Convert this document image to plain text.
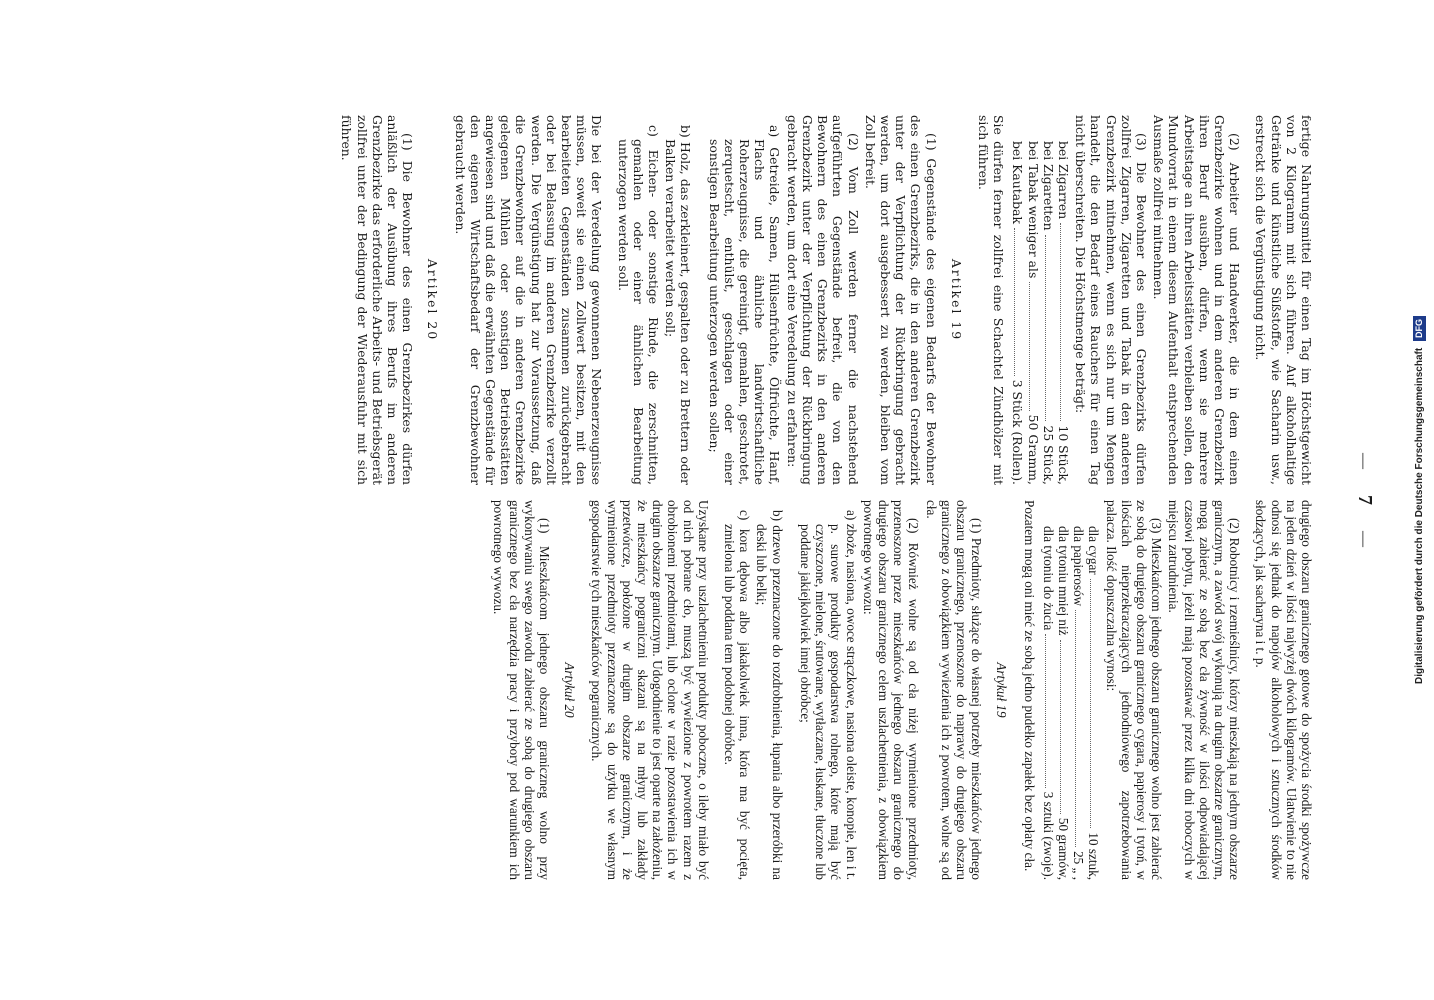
— 7 —

fertige Nahrungsmittel für einen Tag im Höchstgewicht von 2 Kilogramm mit sich führen. Auf alkoholhaltige Getränke und künstliche Süßstoffe, wie Sacharin usw., erstreckt sich die Vergünstigung nicht.

(2) Arbeiter und Handwerker, die in dem einen Grenzbezirke wohnen und in dem anderen Grenzbezirk ihren Beruf ausüben, dürfen, wenn sie mehrere Arbeitstage an ihren Arbeitsstätten verbleiben sollen, den Mundvorrat in einem diesem Aufenthalt entsprechenden Ausmaße zollfrei mitnehmen.

(3) Die Bewohner des einen Grenzbezirks dürfen zollfrei Zigarren, Zigaretten und Tabak in den anderen Grenzbezirk mitnehmen, wenn es sich nur um Mengen handelt, die den Bedarf eines Rauchers für einen Tag nicht überschreiten. Die Höchstmenge beträgt:

bei Zigarren
10 Stück,
bei Zigaretten
25 Stück,
bei Tabak weniger als
50 Gramm,
bei Kautabak
3 Stück (Rollen).

Sie dürfen ferner zollfrei eine Schachtel Zündhölzer mit sich führen.

Artikel 19

(1) Gegenstände des eigenen Bedarfs der Bewohner des einen Grenzbezirks, die in den anderen Grenzbezirk unter der Verpflichtung der Rückbringung gebracht werden, um dort ausgebessert zu werden, bleiben vom Zoll befreit.

(2) Vom Zoll werden ferner die nachstehend aufgeführten Gegenstände befreit, die von den Bewohnern des einen Grenzbezirks in den anderen Grenzbezirk unter der Verpflichtung der Rückbringung gebracht werden, um dort eine Veredelung zu erfahren:

a) Getreide, Samen, Hülsenfrüchte, Ölfrüchte, Hanf, Flachs und ähnliche landwirtschaftliche Roherzeugnisse, die gereinigt, gemahlen, geschrotet, zerquetscht, enthülst, geschlagen oder einer sonstigen Bearbeitung unterzogen werden sollen;

b) Holz, das zerkleinert, gespalten oder zu Brettern oder Balken verarbeitet werden soll;

c) Eichen- oder sonstige Rinde, die zerschnitten, gemahlen oder einer ähnlichen Bearbeitung unterzogen werden soll.

Die bei der Veredelung gewonnenen Nebenerzeugnisse müssen, soweit sie einen Zollwert besitzen, mit den bearbeiteten Gegenständen zusammen zurückgebracht oder bei Belassung im anderen Grenzbezirke verzollt werden. Die Vergünstigung hat zur Voraussetzung, daß die Grenzbewohner auf die in anderen Grenzbezirke gelegenen Mühlen oder sonstigen Betriebsstätten angewiesen sind und daß die erwähnten Gegenstände für den eigenen Wirtschaftsbedarf der Grenzbewohner gebraucht werden.

Artikel 20

(1) Die Bewohner des einen Grenzbezirkes dürfen anläßlich der Ausübung ihres Berufs im anderen Grenzbezirke das erforderliche Arbeits- und Betriebsgerät zollfrei unter der Bedingung der Wiederausfuhr mit sich führen.

drugiego obszaru granicznego gotowe do spożycia środki spożywcze na jeden dzień w ilości najwyżej dwóch kilogramów. Ułatwienie to nie odnosi się jednak do napojów alkoholowych i sztucznych środków słodzących, jak sacharyna i t. p.

(2) Robotnicy i rzemieślnicy, którzy mieszkają na jednym obszarze granicznym, a zawód swój wykonują na drugim obszarze granicznym, mogą zabierać ze sobą bez cła żywność w ilości odpowiadającej czasowi pobytu, jeżeli mają pozostawać przez kilka dni roboczych w miejscu zatrudnienia.

(3) Mieszkańcom jednego obszaru granicznego wolno jest zabierać ze sobą do drugiego obszaru granicznego cygara, papierosy i tytoń, w ilościach nieprzekraczających jednodniowego zapotrzebowania palacza. Ilość dopuszczalna wynosi:

dla cygar
10 sztuk,
dla papierosów
25 „ ,
dla tytoniu mniej niż
50 gramów,
dla tytoniu do żucia
3 sztuki (zwoje).

Pozatem mogą oni mieć ze sobą jedno pudełko zapałek bez opłaty cła.

Artykuł 19

(1) Przedmioty, służące do własnej potrzeby mieszkańców jednego obszaru granicznego, przenoszone do naprawy do drugiego obszaru granicznego z obowiązkiem wywiezienia ich z powrotem, wolne są od cła.

(2) Również wolne są od cła niżej wymienione przedmioty, przenoszone przez mieszkańców jednego obszaru granicznego do drugiego obszaru granicznego celem uszlachetnienia, z obowiązkiem powrotnego wywozu:

a) zboże, nasiona, owoce strączkowe, nasiona oleiste, konopie, len i t. p. surowe produkty gospodarstwa rolnego, które mają być czyszczone, mielone, śrutowane, wytłaczane, łuskane, tłuczone lub poddane jakiejkolwiek innej obróbce;

b) drzewo przeznaczone do rozdrobnienia, łupania albo przeróbki na deski lub belki;

c) kora dębowa albo jakakolwiek inna, która ma być pocięta, zmielona lub poddana tem podobnej obróbce.

Uzyskane przy uszlachetnieniu produkty poboczne, o ileby miało być od nich pobrane cło, muszą być wywiezione z powrotem razem z obrobionemi przedmiotami, lub oclone w razie pozostawienia ich w drugim obszarze granicznym. Udogodnienie to jest oparte na założeniu, że mieszkańcy pogranicznі skazani są na młyny lub zakłady przetwórcze, położone w drugim obszarze granicznym, i że wymienione przedmioty przeznaczone są do użytku we własnym gospodarstwie tych mieszkańców pogranicznych.

Artykuł 20

(1) Mieszkańcom jednego obszaru graniczneg wolno przy wykonywaniu swego zawodu zabierać ze sobą do drugiego obszaru granicznego bez cła narzędzia pracy i przybory pod warunkiem ich powrotnego wywozu.	Digitalisierung gefördert durch die Deutsche Forschungsgemeinschaft DFG
